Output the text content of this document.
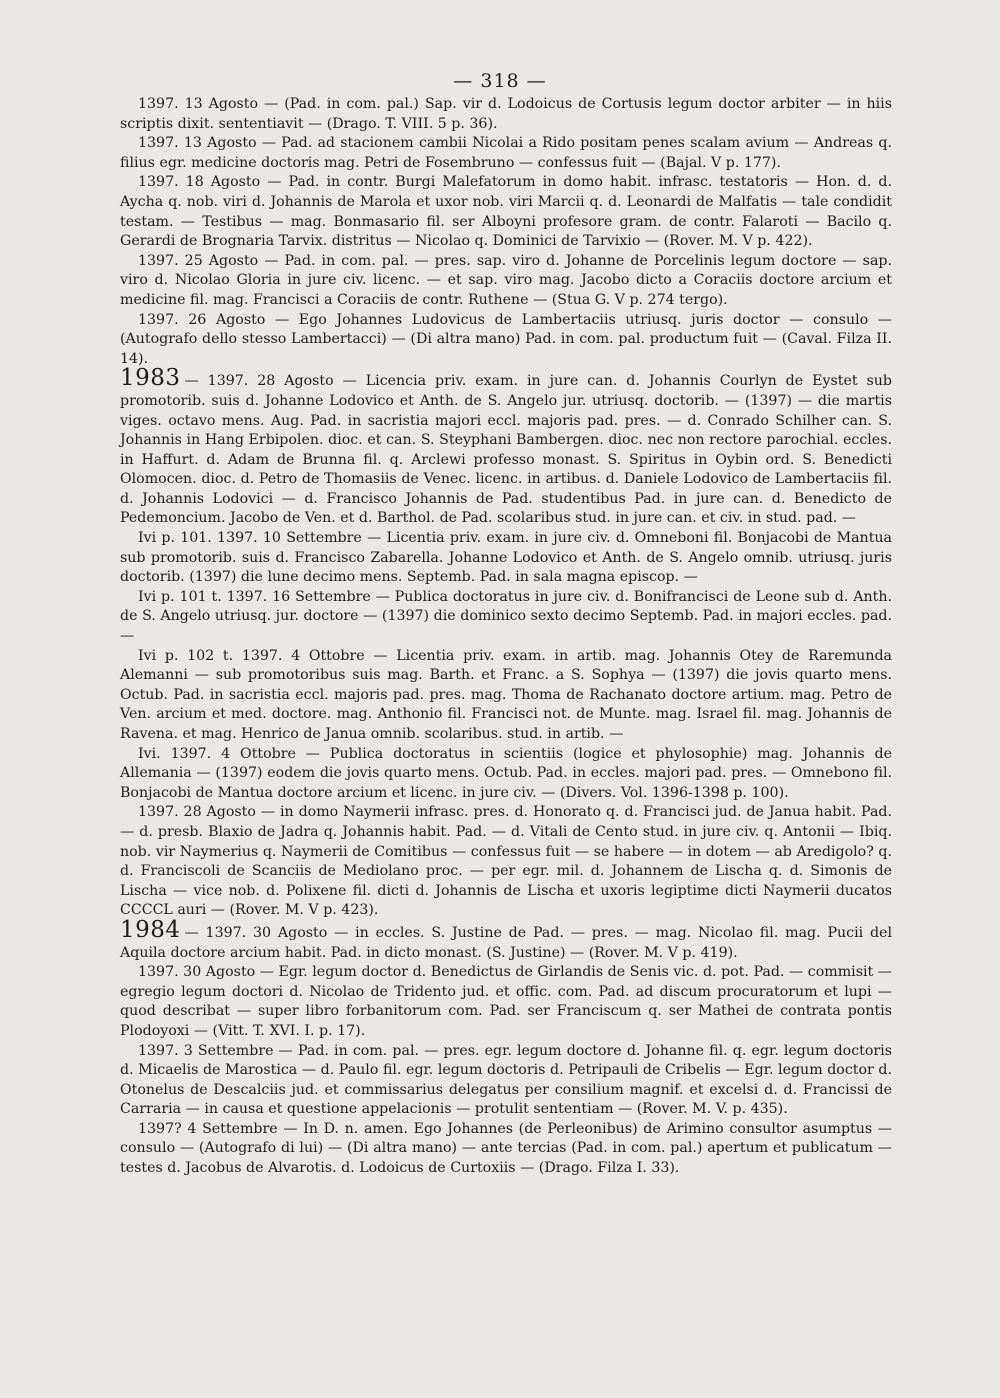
— 318 —

1397. 13 Agosto — (Pad. in com. pal.) Sap. vir d. Lodoicus de Cortusis legum doctor arbiter — in hiis scriptis dixit. sententiavit — (Drago. T. VIII. 5 p. 36).

1397. 13 Agosto — Pad. ad stacionem cambii Nicolai a Rido positam penes scalam avium — Andreas q. filius egr. medicine doctoris mag. Petri de Fosembruno — confessus fuit — (Bajal. V p. 177).

1397. 18 Agosto — Pad. in contr. Burgi Malefatorum in domo habit. infrasc. testatoris — Hon. d. d. Aycha q. nob. viri d. Johannis de Marola et uxor nob. viri Marcii q. d. Leonardi de Malfatis — tale condidit testam. — Testibus — mag. Bonmasario fil. ser Alboyni profesore gram. de contr. Falaroti — Bacilo q. Gerardi de Brognaria Tarvix. distritus — Nicolao q. Dominici de Tarvixio — (Rover. M. V p. 422).

1397. 25 Agosto — Pad. in com. pal. — pres. sap. viro d. Johanne de Porcelinis legum doctore — sap. viro d. Nicolao Gloria in jure civ. licenc. — et sap. viro mag. Jacobo dicto a Coraciis doctore arcium et medicine fil. mag. Francisci a Coraciis de contr. Ruthene — (Stua G. V p. 274 tergo).

1397. 26 Agosto — Ego Johannes Ludovicus de Lambertaciis utriusq. juris doctor — consulo — (Autografo dello stesso Lambertacci) — (Di altra mano) Pad. in com. pal. productum fuit — (Caval. Filza II. 14).

1983 — 1397. 28 Agosto — Licencia priv. exam. in jure can. d. Johannis Courlyn de Eystet sub promotorib. suis d. Johanne Lodovico et Anth. de S. Angelo jur. utriusq. doctorib. — (1397) — die martis viges. octavo mens. Aug. Pad. in sacristia majori eccl. majoris pad. pres. — d. Conrado Schilher can. S. Johannis in Hang Erbipolen. dioc. et can. S. Steyphani Bambergen. dioc. nec non rectore parochial. eccles. in Haffurt. d. Adam de Brunna fil. q. Arclewi professo monast. S. Spiritus in Oybin ord. S. Benedicti Olomocen. dioc. d. Petro de Thomasiis de Venec. licenc. in artibus. d. Daniele Lodovico de Lambertaciis fil. d. Johannis Lodovici — d. Francisco Johannis de Pad. studentibus Pad. in jure can. d. Benedicto de Pedemoncium. Jacobo de Ven. et d. Barthol. de Pad. scolaribus stud. in jure can. et civ. in stud. pad. —

Ivi p. 101. 1397. 10 Settembre — Licentia priv. exam. in jure civ. d. Omneboni fil. Bonjacobi de Mantua sub promotorib. suis d. Francisco Zabarella. Johanne Lodovico et Anth. de S. Angelo omnib. utriusq. juris doctorib. (1397) die lune decimo mens. Septemb. Pad. in sala magna episcop. —

Ivi p. 101 t. 1397. 16 Settembre — Publica doctoratus in jure civ. d. Bonifrancisci de Leone sub d. Anth. de S. Angelo utriusq. jur. doctore — (1397) die dominico sexto decimo Septemb. Pad. in majori eccles. pad. —

Ivi p. 102 t. 1397. 4 Ottobre — Licentia priv. exam. in artib. mag. Johannis Otey de Raremunda Alemanni — sub promotoribus suis mag. Barth. et Franc. a S. Sophya — (1397) die jovis quarto mens. Octub. Pad. in sacristia eccl. majoris pad. pres. mag. Thoma de Rachanato doctore artium. mag. Petro de Ven. arcium et med. doctore. mag. Anthonio fil. Francisci not. de Munte. mag. Israel fil. mag. Johannis de Ravena. et mag. Henrico de Janua omnib. scolaribus. stud. in artib. —

Ivi. 1397. 4 Ottobre — Publica doctoratus in scientiis (logice et phylosophie) mag. Johannis de Allemania — (1397) eodem die jovis quarto mens. Octub. Pad. in eccles. majori pad. pres. — Omnebono fil. Bonjacobi de Mantua doctore arcium et licenc. in jure civ. — (Divers. Vol. 1396-1398 p. 100).

1397. 28 Agosto — in domo Naymerii infrasc. pres. d. Honorato q. d. Francisci jud. de Janua habit. Pad. — d. presb. Blaxio de Jadra q. Johannis habit. Pad. — d. Vitali de Cento stud. in jure civ. q. Antonii — Ibiq. nob. vir Naymerius q. Naymerii de Comitibus — confessus fuit — se habere — in dotem — ab Aredigolo? q. d. Franciscoli de Scanciis de Mediolano proc. — per egr. mil. d. Johannem de Lischa q. d. Simonis de Lischa — vice nob. d. Polixene fil. dicti d. Johannis de Lischa et uxoris legiptime dicti Naymerii ducatos CCCCL auri — (Rover. M. V p. 423).

1984 — 1397. 30 Agosto — in eccles. S. Justine de Pad. — pres. — mag. Nicolao fil. mag. Pucii del Aquila doctore arcium habit. Pad. in dicto monast. (S. Justine) — (Rover. M. V p. 419).

1397. 30 Agosto — Egr. legum doctor d. Benedictus de Girlandis de Senis vic. d. pot. Pad. — commisit — egregio legum doctori d. Nicolao de Tridento jud. et offic. com. Pad. ad discum procuratorum et lupi — quod describat — super libro forbanitorum com. Pad. ser Franciscum q. ser Mathei de contrata pontis Plodoyoxi — (Vitt. T. XVI. I. p. 17).

1397. 3 Settembre — Pad. in com. pal. — pres. egr. legum doctore d. Johanne fil. q. egr. legum doctoris d. Micaelis de Marostica — d. Paulo fil. egr. legum doctoris d. Petripauli de Cribelis — Egr. legum doctor d. Otonelus de Descalciis jud. et commissarius delegatus per consilium magnif. et excelsi d. d. Francissi de Carraria — in causa et questione appelacionis — protulit sententiam — (Rover. M. V. p. 435).

1397? 4 Settembre — In D. n. amen. Ego Johannes (de Perleonibus) de Arimino consultor asumptus — consulo — (Autografo di lui) — (Di altra mano) — ante tercias (Pad. in com. pal.) apertum et publicatum — testes d. Jacobus de Alvarotis. d. Lodoicus de Curtoxiis — (Drago. Filza I. 33).
